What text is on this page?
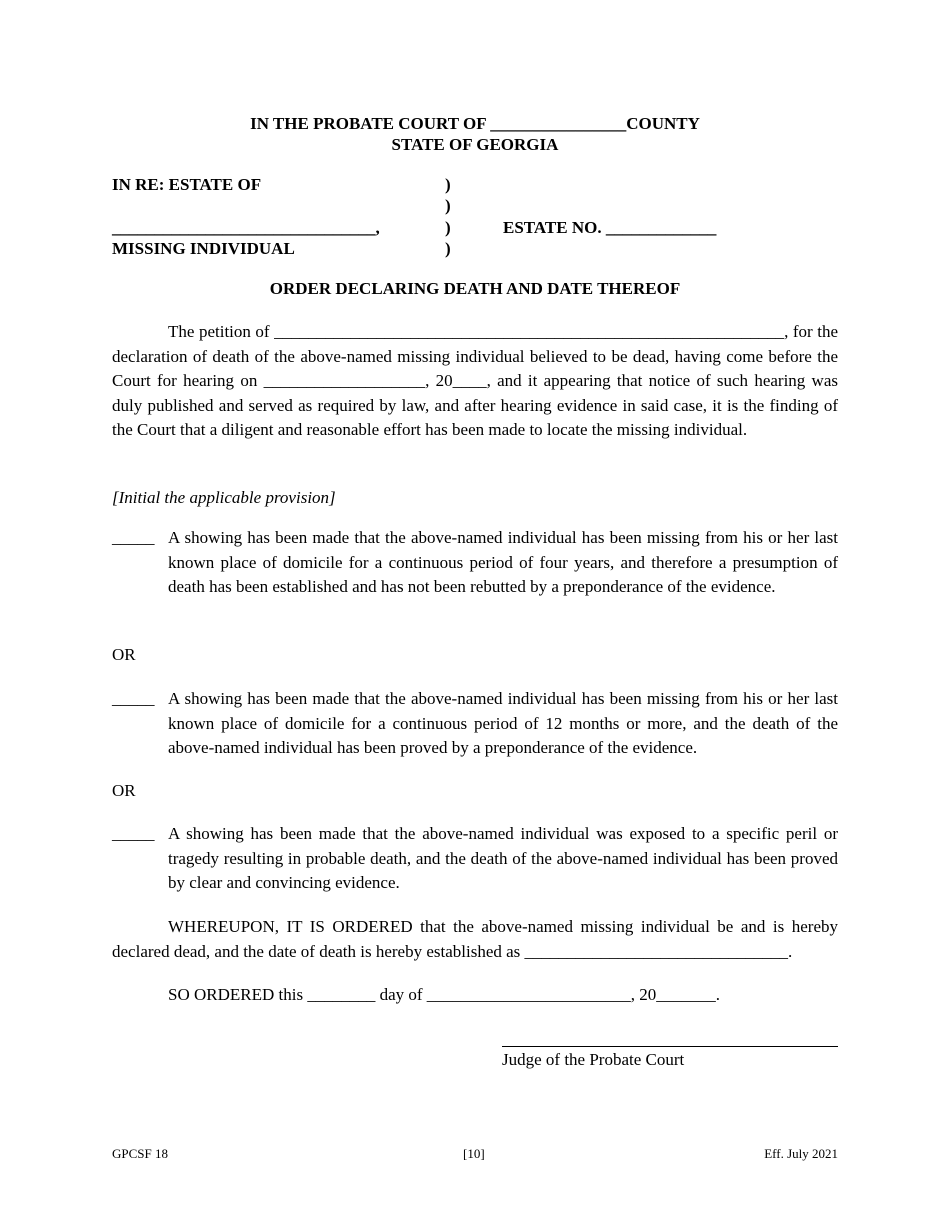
IN THE PROBATE COURT OF ________________COUNTY
STATE OF GEORGIA
IN RE: ESTATE OF
_______________________________,
MISSING INDIVIDUAL
)
)
)
)
ESTATE NO. _____________
ORDER DECLARING DEATH AND DATE THEREOF
The petition of ____________________________________________________________, for the declaration of death of the above-named missing individual believed to be dead, having come before the Court for hearing on ___________________, 20____, and it appearing that notice of such hearing was duly published and served as required by law, and after hearing evidence in said case, it is the finding of the Court that a diligent and reasonable effort has been made to locate the missing individual.
[Initial the applicable provision]
_____ A showing has been made that the above-named individual has been missing from his or her last known place of domicile for a continuous period of four years, and therefore a presumption of death has been established and has not been rebutted by a preponderance of the evidence.
OR
_____ A showing has been made that the above-named individual has been missing from his or her last known place of domicile for a continuous period of 12 months or more, and the death of the above-named individual has been proved by a preponderance of the evidence.
OR
_____ A showing has been made that the above-named individual was exposed to a specific peril or tragedy resulting in probable death, and the death of the above-named individual has been proved by clear and convincing evidence.
WHEREUPON, IT IS ORDERED that the above-named missing individual be and is hereby declared dead, and the date of death is hereby established as _______________________________.
SO ORDERED this ________ day of ________________________, 20_______.
Judge of the Probate Court
GPCSF 18	[10]	Eff. July 2021
